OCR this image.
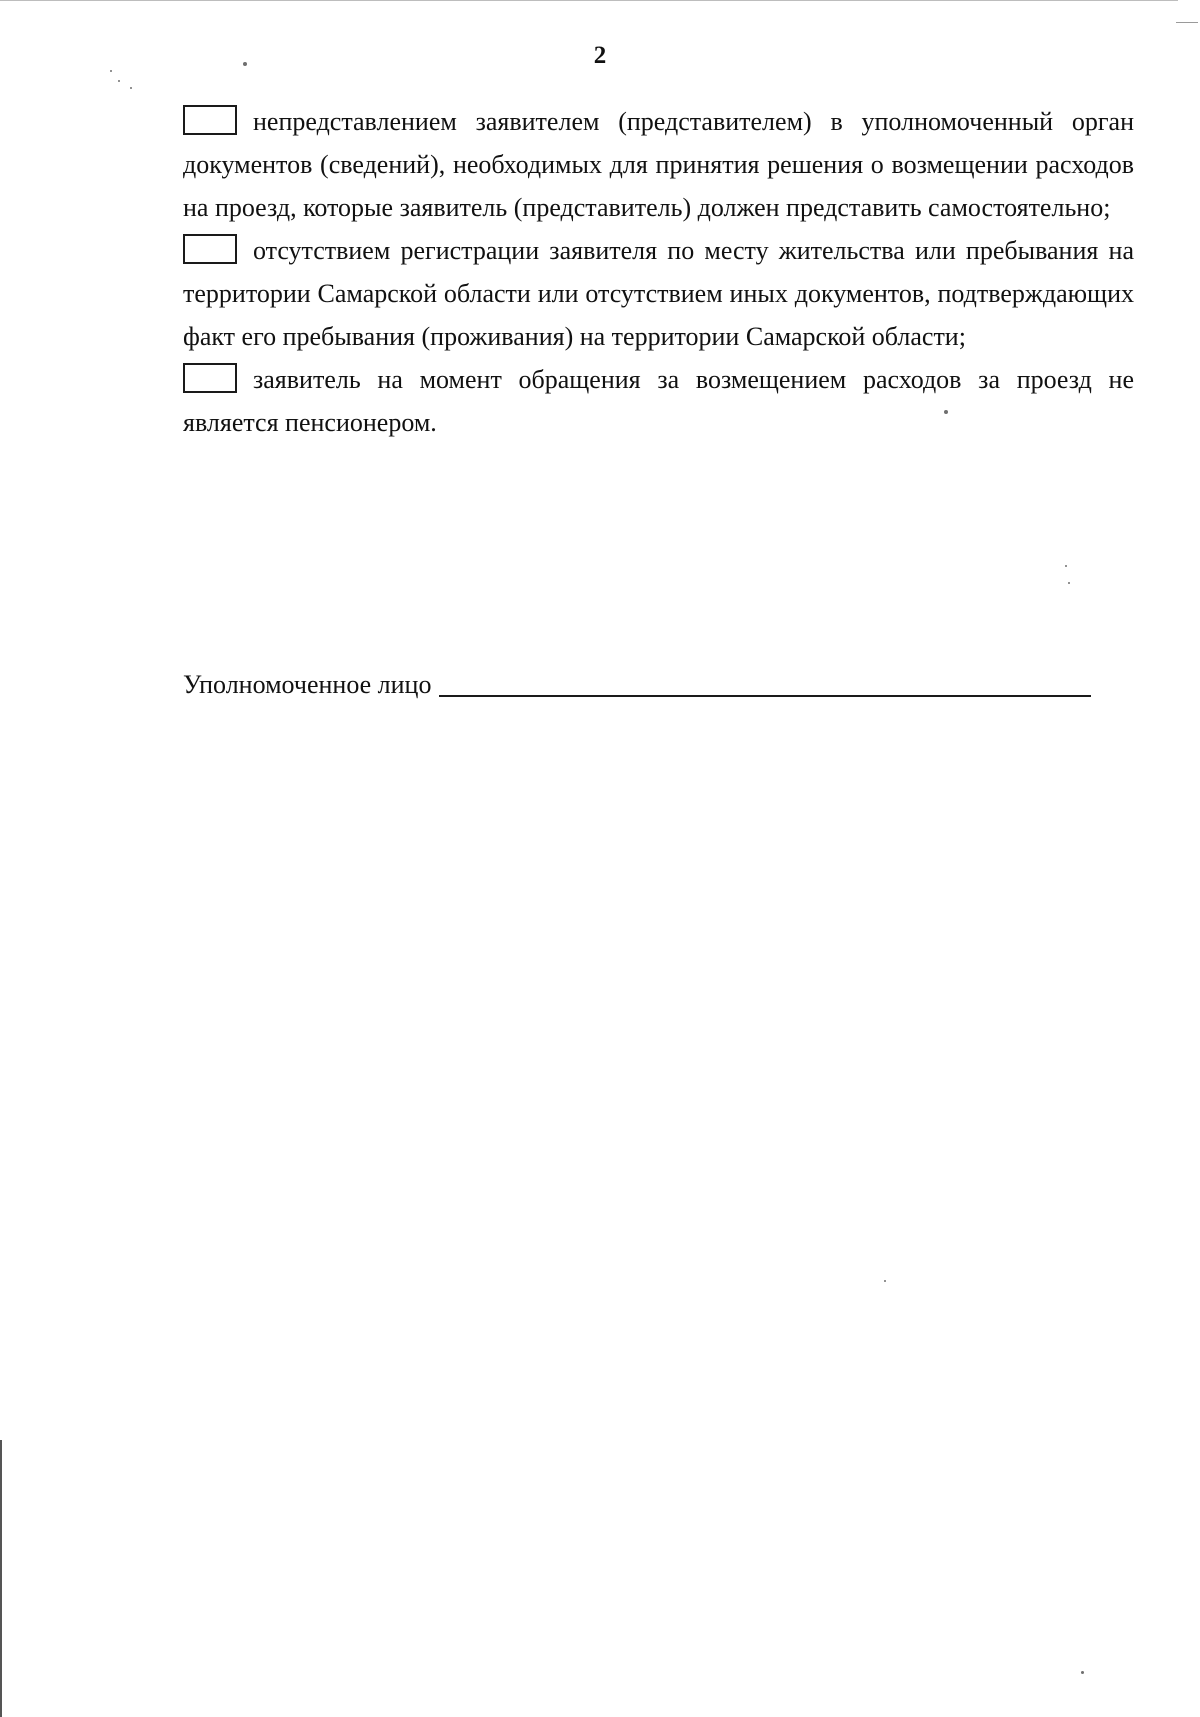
2

непредставлением заявителем (представителем) в уполномоченный орган документов (сведений), необходимых для принятия решения о возмещении расходов на проезд, которые заявитель (представитель) должен представить самостоятельно;

отсутствием регистрации заявителя по месту жительства или пребывания на территории Самарской области или отсутствием иных документов, подтверждающих факт его пребывания (проживания) на территории Самарской области;

заявитель на момент обращения за возмещением расходов за проезд не является пенсионером.

Уполномоченное лицо
